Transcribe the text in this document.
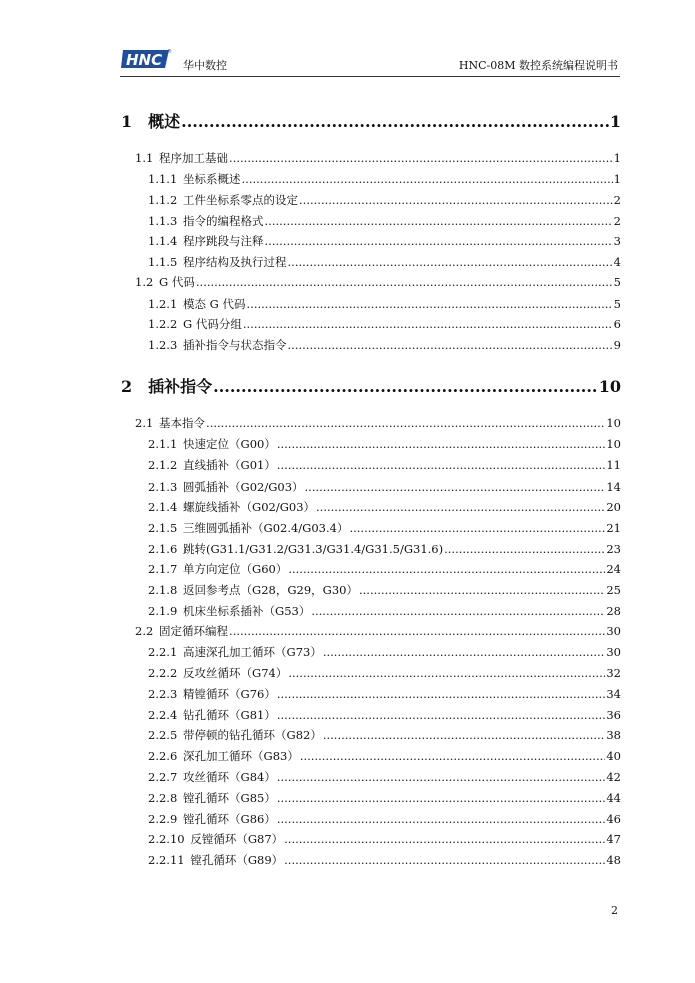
HNC ®
华中数控	HNC-08M 数控系统编程说明书
1  概述 .....	1
1.1 程序加工基础 .....	1
1.1.1 坐标系概述 .....	1
1.1.2 工件坐标系零点的设定 .....	2
1.1.3 指令的编程格式 .....	2
1.1.4 程序跳段与注释 .....	3
1.1.5 程序结构及执行过程 .....	4
1.2 G 代码 .....	5
1.2.1 模态 G 代码 .....	5
1.2.2 G 代码分组 .....	6
1.2.3 插补指令与状态指令 .....	9
2  插补指令 .....	10
2.1 基本指令 .....	10
2.1.1 快速定位（G00） .....	10
2.1.2 直线插补（G01） .....	11
2.1.3 圆弧插补（G02/G03） .....	14
2.1.4 螺旋线插补（G02/G03） .....	20
2.1.5 三维圆弧插补（G02.4/G03.4） .....	21
2.1.6 跳转(G31.1/G31.2/G31.3/G31.4/G31.5/G31.6) .....	23
2.1.7 单方向定位（G60） .....	24
2.1.8 返回参考点（G28，G29，G30） .....	25
2.1.9 机床坐标系插补（G53） .....	28
2.2 固定循环编程 .....	30
2.2.1 高速深孔加工循环（G73） .....	30
2.2.2 反攻丝循环（G74） .....	32
2.2.3 精镗循环（G76） .....	34
2.2.4 钻孔循环（G81） .....	36
2.2.5 带停顿的钻孔循环（G82） .....	38
2.2.6 深孔加工循环（G83） .....	40
2.2.7 攻丝循环（G84） .....	42
2.2.8 镗孔循环（G85） .....	44
2.2.9 镗孔循环（G86） .....	46
2.2.10 反镗循环（G87） .....	47
2.2.11 镗孔循环（G89） .....	48
2
